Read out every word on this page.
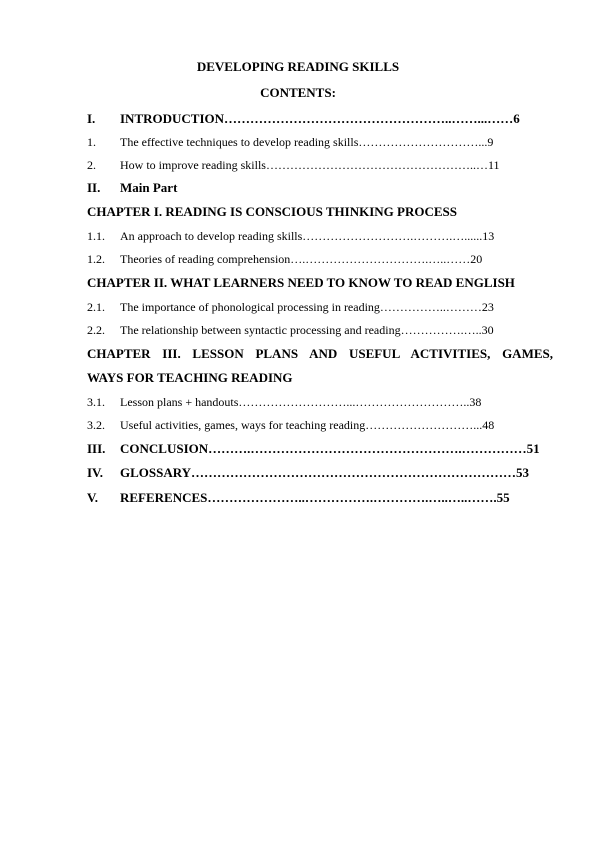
DEVELOPING READING SKILLS
CONTENTS:
I. INTRODUCTION……………………………………………..……...……6
1. The effective techniques to develop reading skills…………………………...9
2. How to improve reading skills……………………………………………..…11
II. Main Part
CHAPTER I. READING IS CONSCIOUS THINKING PROCESS
1.1. An approach to develop reading skills……………………….……….…......13
1.2. Theories of reading comprehension….………………………….…..……20
CHAPTER II. WHAT LEARNERS NEED TO KNOW TO READ ENGLISH
2.1. The importance of phonological processing in reading……………..………23
2.2. The relationship between syntactic processing and reading…………….…..30
CHAPTER III. LESSON PLANS AND USEFUL ACTIVITIES, GAMES,
WAYS FOR TEACHING READING
3.1. Lesson plans + handouts………………………...………………………..38
3.2. Useful activities, games, ways for teaching reading………………………...48
III. CONCLUSION……….………………………………………….……………51
IV. GLOSSARY…………………………………………………………………53
V. REFERENCES…………………..…………….………….…..…..…….55
